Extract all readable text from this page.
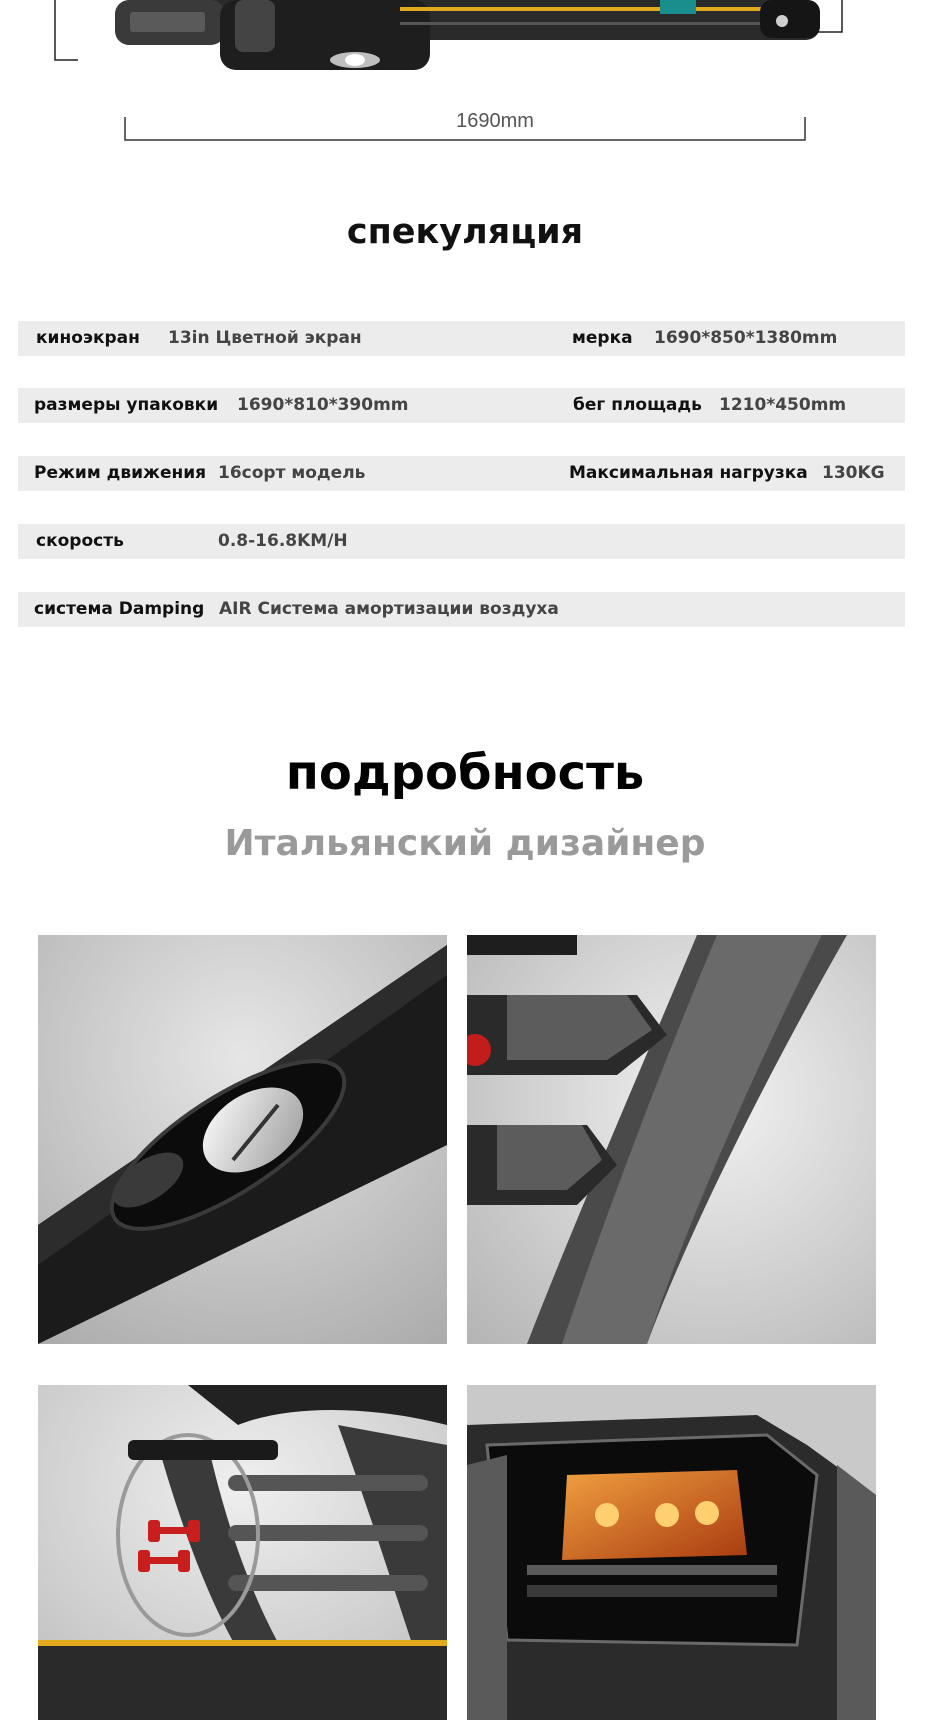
1690mm
спекуляция
киноэкран 13in Цветной экран	мерка 1690*850*1380mm
размеры упаковки 1690*810*390mm	бег площадь 1210*450mm
Режим движения 16сорт модель	Максимальная нагрузка 130KG
скорость	0.8-16.8KM/H
система Damping AIR Система амортизации воздуха
подробность
Итальянский дизайнер
